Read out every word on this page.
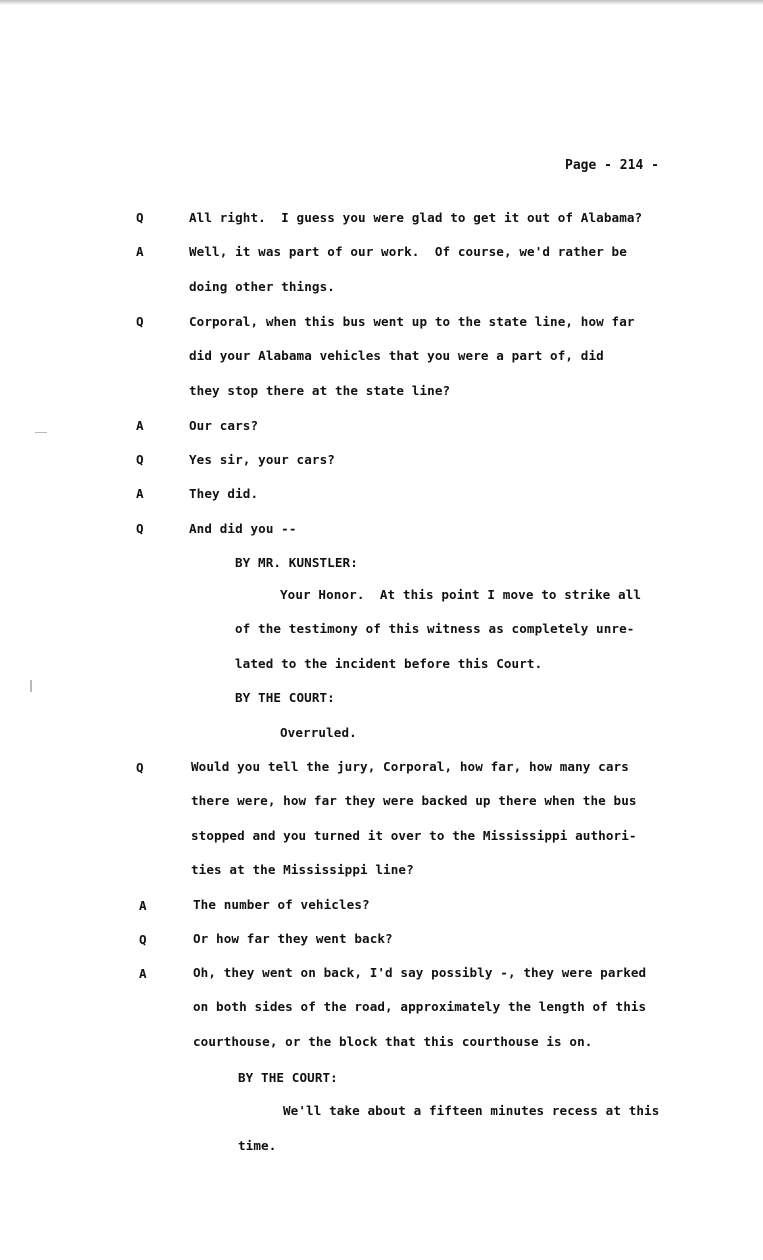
Page - 214 -
Q	All right.  I guess you were glad to get it out of Alabama?
A	Well, it was part of our work.  Of course, we'd rather be
doing other things.
Q	Corporal, when this bus went up to the state line, how far
did your Alabama vehicles that you were a part of, did
they stop there at the state line?
A	Our cars?
Q	Yes sir, your cars?
A	They did.
Q	And did you --
BY MR. KUNSTLER:
Your Honor.  At this point I move to strike all
of the testimony of this witness as completely unre-
lated to the incident before this Court.
BY THE COURT:
Overruled.
Q	Would you tell the jury, Corporal, how far, how many cars
there were, how far they were backed up there when the bus
stopped and you turned it over to the Mississippi authori-
ties at the Mississippi line?
A	The number of vehicles?
Q	Or how far they went back?
A	Oh, they went on back, I'd say possibly -, they were parked
on both sides of the road, approximately the length of this
courthouse, or the block that this courthouse is on.
BY THE COURT:
We'll take about a fifteen minutes recess at this
time.
